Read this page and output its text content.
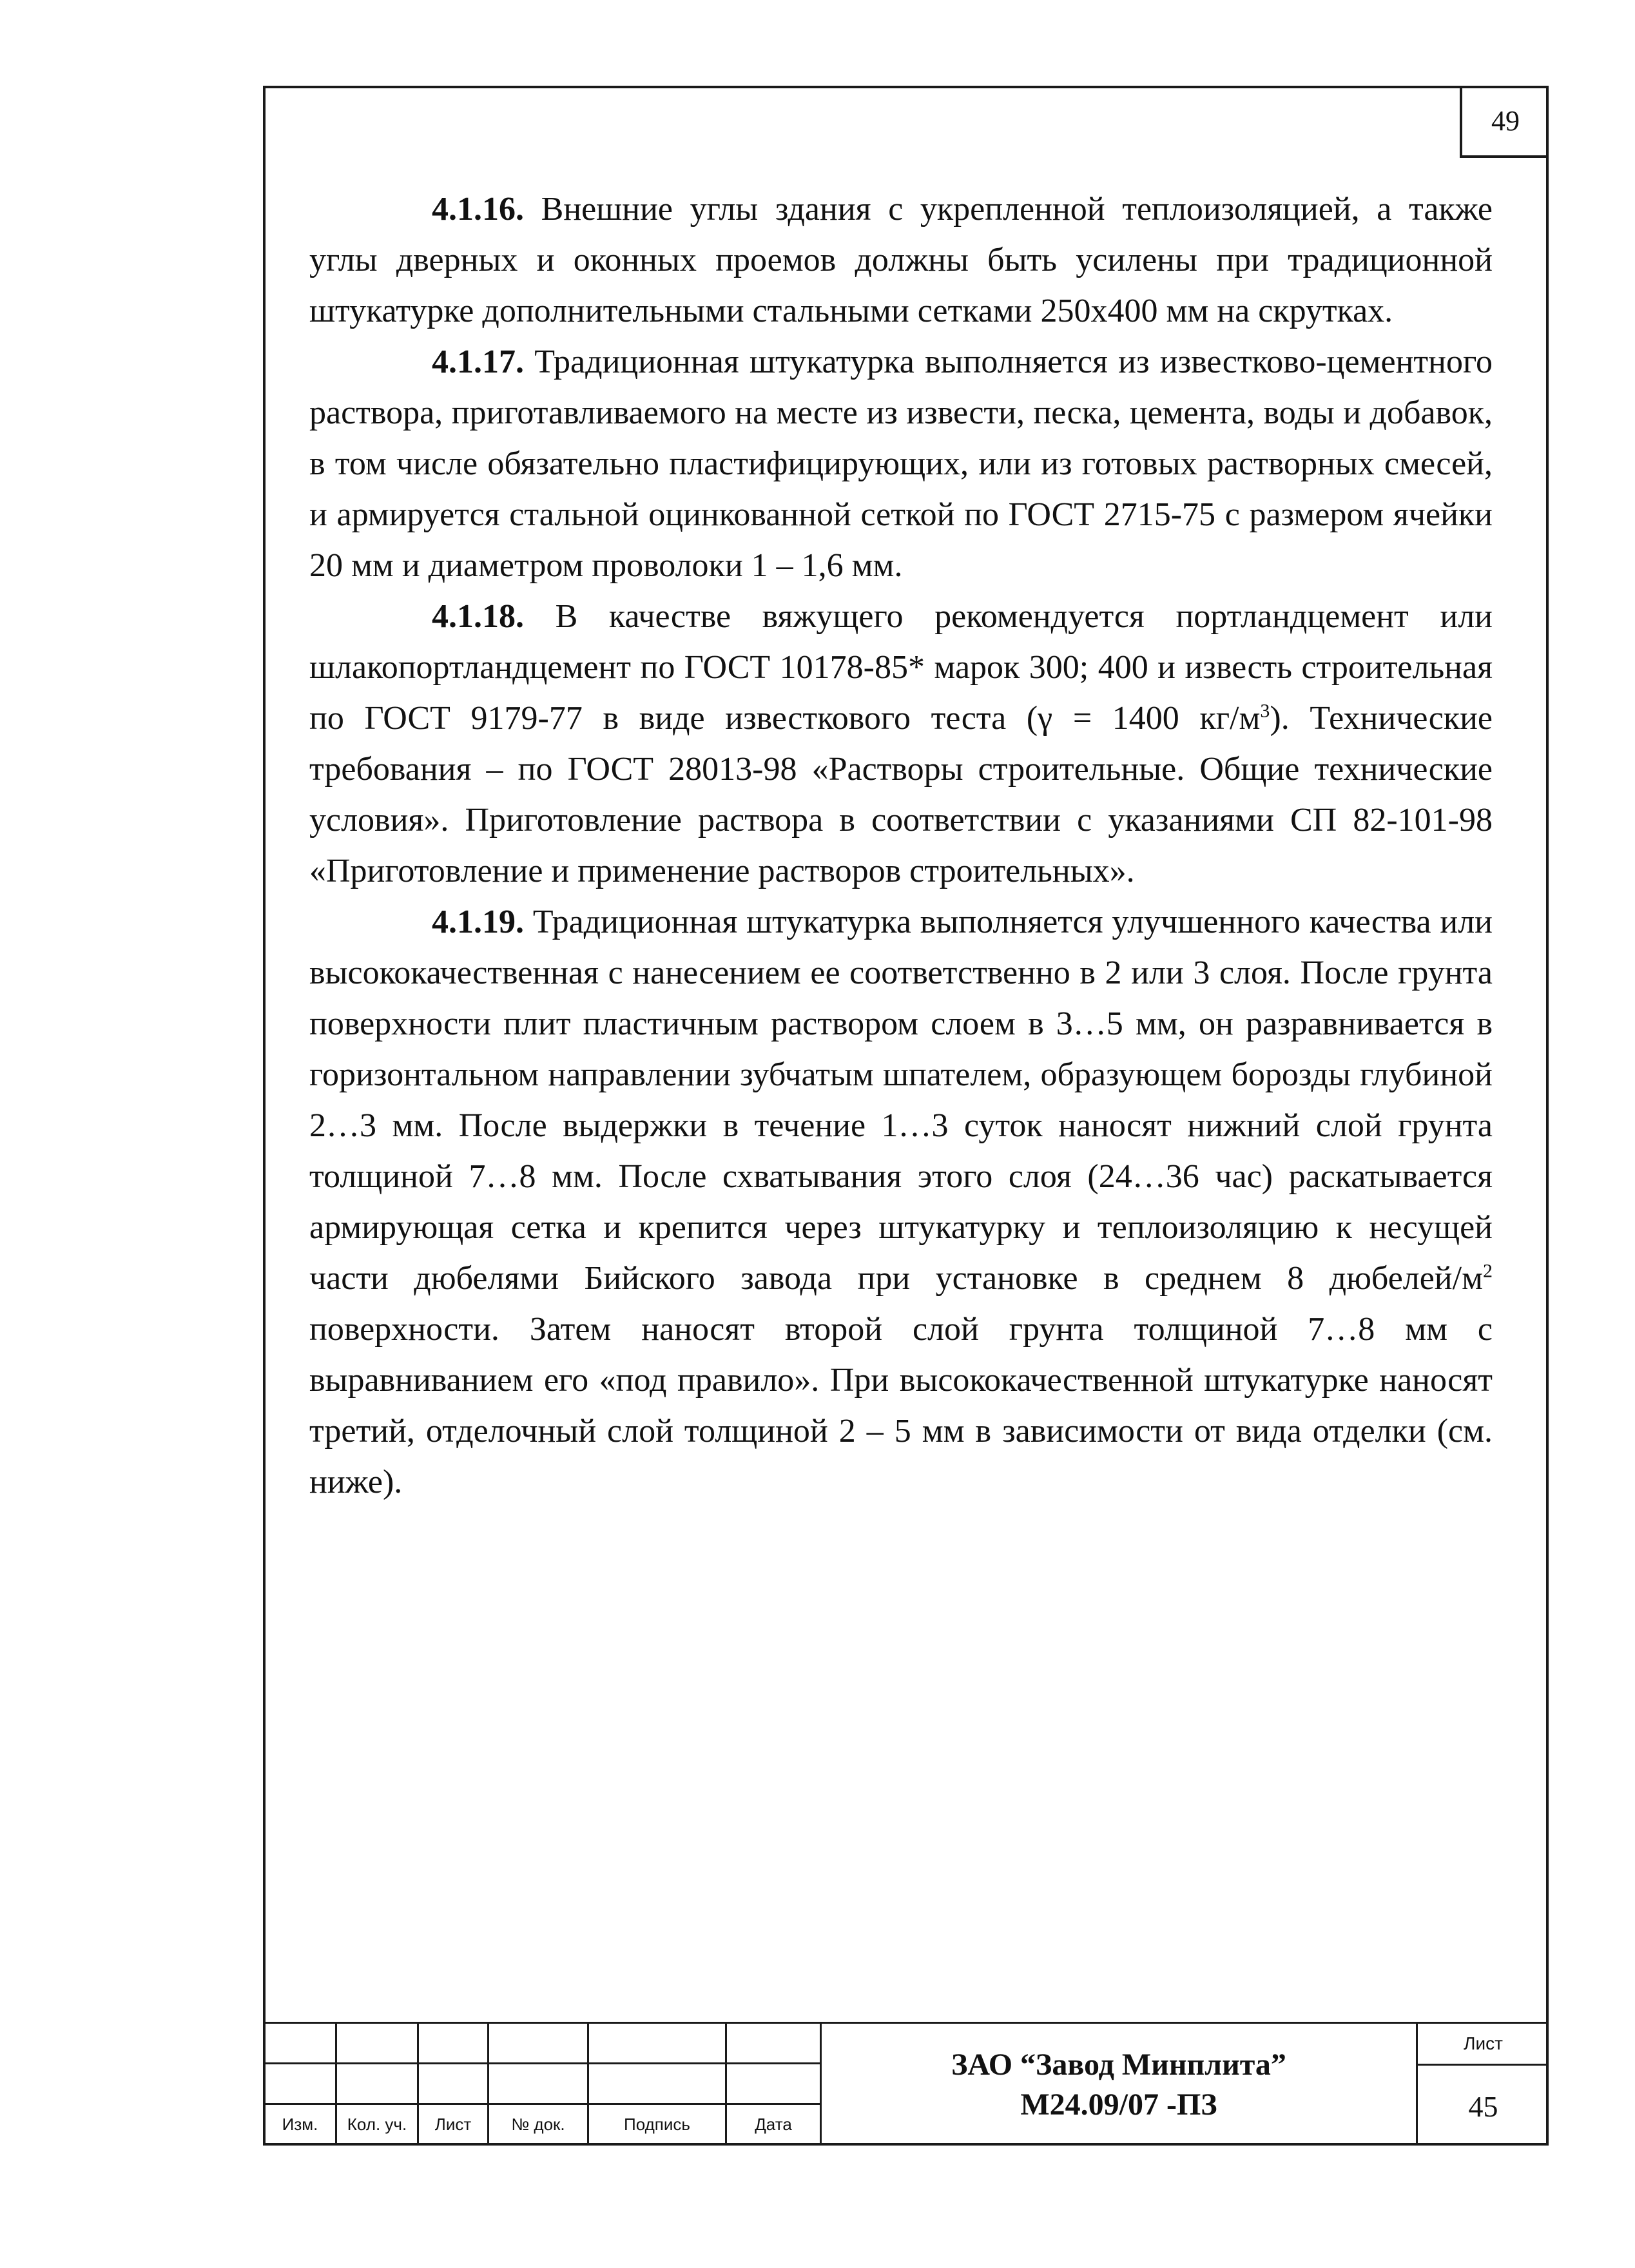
49

4.1.16. Внешние углы здания с укрепленной теплоизоляцией, а также углы дверных и оконных проемов должны быть усилены при традиционной штукатурке дополнительными стальными сетками 250х400 мм на скрутках.

4.1.17. Традиционная штукатурка выполняется из известково-цементного раствора, приготавливаемого на месте из извести, песка, цемента, воды и добавок, в том числе обязательно пластифицирующих, или из готовых растворных смесей, и армируется стальной оцинкованной сеткой по ГОСТ 2715-75 с размером ячейки 20 мм и диаметром проволоки 1 – 1,6 мм.

4.1.18. В качестве вяжущего рекомендуется портландцемент или шлакопортландцемент по ГОСТ 10178-85* марок 300; 400 и известь строительная по ГОСТ 9179-77 в виде известкового теста (γ = 1400 $кг/м^3$). Технические требования – по ГОСТ 28013-98 «Растворы строительные. Общие технические условия». Приготовление раствора в соответствии с указаниями СП 82-101-98 «Приготовление и применение растворов строительных».

4.1.19. Традиционная штукатурка выполняется улучшенного качества или высококачественная с нанесением ее соответственно в 2 или 3 слоя. После грунта поверхности плит пластичным раствором слоем в 3…5 мм, он разравнивается в горизонтальном направлении зубчатым шпателем, образующем борозды глубиной 2…3 мм. После выдержки в течение 1…3 суток наносят нижний слой грунта толщиной 7…8 мм. После схватывания этого слоя (24…36 час) раскатывается армирующая сетка и крепится через штукатурку и теплоизоляцию к несущей части дюбелями Бийского завода при установке в среднем 8 дюбелей/$м^2$ поверхности. Затем наносят второй слой грунта толщиной 7…8 мм с выравниванием его «под правило». При высококачественной штукатурке наносят третий, отделочный слой толщиной 2 – 5 мм в зависимости от вида отделки (см. ниже).

Изм.	Кол. уч.	Лист	№ док.	Подпись	Дата
ЗАО “Завод Минплита”
М24.09/07 -ПЗ
Лист
45
